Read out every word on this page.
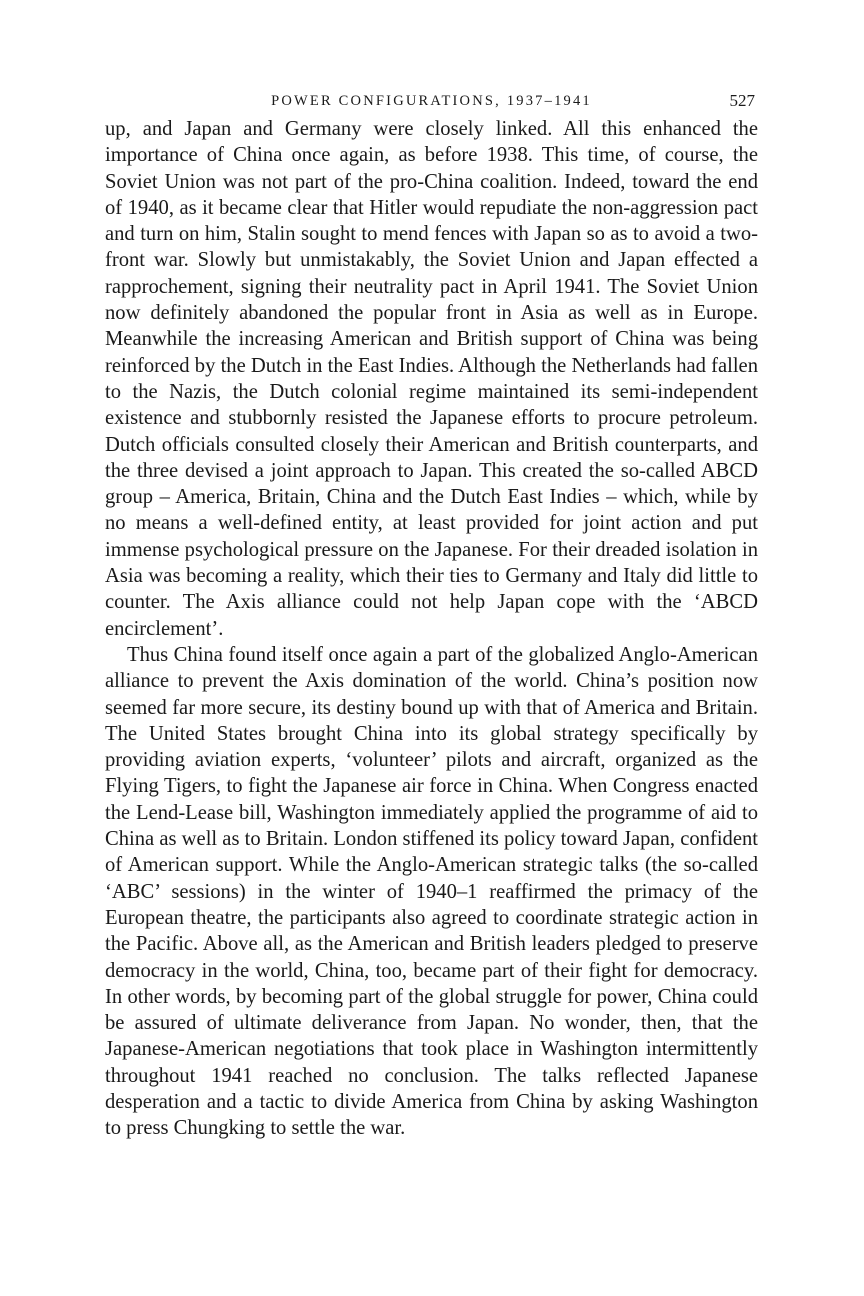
POWER CONFIGURATIONS, 1937–1941	527

up, and Japan and Germany were closely linked. All this enhanced the importance of China once again, as before 1938. This time, of course, the Soviet Union was not part of the pro-China coalition. Indeed, toward the end of 1940, as it became clear that Hitler would repudiate the non-aggression pact and turn on him, Stalin sought to mend fences with Japan so as to avoid a two-front war. Slowly but unmistakably, the Soviet Union and Japan effected a rapprochement, signing their neutrality pact in April 1941. The Soviet Union now definitely abandoned the popular front in Asia as well as in Europe. Meanwhile the increasing American and British support of China was being reinforced by the Dutch in the East Indies. Although the Netherlands had fallen to the Nazis, the Dutch colonial regime maintained its semi-independent existence and stubbornly resisted the Japanese efforts to procure petroleum. Dutch officials consulted closely their American and British counterparts, and the three devised a joint approach to Japan. This created the so-called ABCD group – America, Britain, China and the Dutch East Indies – which, while by no means a well-defined entity, at least provided for joint action and put immense psychological pressure on the Japanese. For their dreaded isolation in Asia was becoming a reality, which their ties to Germany and Italy did little to counter. The Axis alliance could not help Japan cope with the ‘ABCD encirclement’.

Thus China found itself once again a part of the globalized Anglo-American alliance to prevent the Axis domination of the world. China’s position now seemed far more secure, its destiny bound up with that of America and Britain. The United States brought China into its global strategy specifically by providing aviation experts, ‘volunteer’ pilots and aircraft, organized as the Flying Tigers, to fight the Japanese air force in China. When Congress enacted the Lend-Lease bill, Washington immediately applied the programme of aid to China as well as to Britain. London stiffened its policy toward Japan, confident of American support. While the Anglo-American strategic talks (the so-called ‘ABC’ sessions) in the winter of 1940–1 reaffirmed the primacy of the European theatre, the participants also agreed to coordinate strategic action in the Pacific. Above all, as the American and British leaders pledged to preserve democracy in the world, China, too, became part of their fight for democracy. In other words, by becoming part of the global struggle for power, China could be assured of ultimate deliverance from Japan. No wonder, then, that the Japanese-American negotiations that took place in Washington intermittently throughout 1941 reached no conclusion. The talks reflected Japanese desperation and a tactic to divide America from China by asking Washington to press Chungking to settle the war.
